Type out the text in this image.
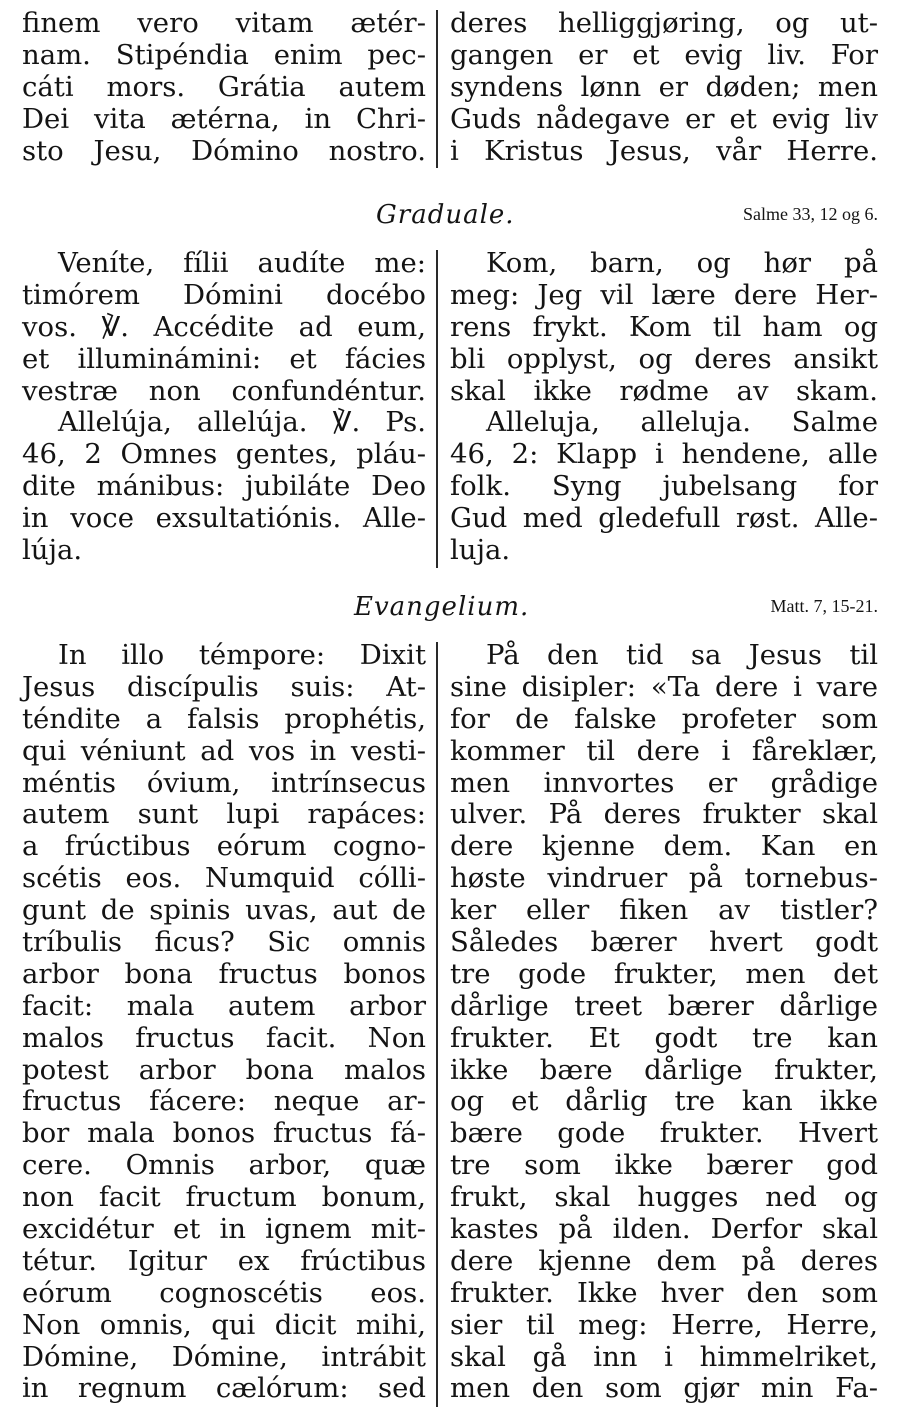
finem vero vitam ætér-
nam. Stipéndia enim pec-
cáti mors. Grátia autem
Dei vita ætérna, in Chri-
sto Jesu, Dómino nostro.
deres helliggjøring, og ut-
gangen er et evig liv. For
syndens lønn er døden; men
Guds nådegave er et evig liv
i Kristus Jesus, vår Herre.
Graduale.	Salme 33, 12 og 6.
Veníte, fílii audíte me:
timórem Dómini docébo
vos. ℣. Accédite ad eum,
et illuminámini: et fácies
vestræ non confundéntur.
Allelúja, allelúja. ℣. Ps.
46, 2 Omnes gentes, pláu-
dite mánibus: jubiláte Deo
in voce exsultatiónis. Alle-
lúja.
Kom, barn, og hør på
meg: Jeg vil lære dere Her-
rens frykt. Kom til ham og
bli opplyst, og deres ansikt
skal ikke rødme av skam.
Alleluja, alleluja. Salme
46, 2: Klapp i hendene, alle
folk. Syng jubelsang for
Gud med gledefull røst. Alle-
luja.
Evangelium.	Matt. 7, 15-21.
In illo témpore: Dixit
Jesus discípulis suis: At-
téndite a falsis prophétis,
qui véniunt ad vos in vesti-
méntis óvium, intrínsecus
autem sunt lupi rapáces:
a frúctibus eórum cogno-
scétis eos. Numquid cólli-
gunt de spinis uvas, aut de
tríbulis ficus? Sic omnis
arbor bona fructus bonos
facit: mala autem arbor
malos fructus facit. Non
potest arbor bona malos
fructus fácere: neque ar-
bor mala bonos fructus fá-
cere. Omnis arbor, quæ
non facit fructum bonum,
excidétur et in ignem mit-
tétur. Igitur ex frúctibus
eórum cognoscétis eos.
Non omnis, qui dicit mihi,
Dómine, Dómine, intrábit
in regnum cælórum: sed
På den tid sa Jesus til
sine disipler: «Ta dere i vare
for de falske profeter som
kommer til dere i fåreklær,
men innvortes er grådige
ulver. På deres frukter skal
dere kjenne dem. Kan en
høste vindruer på tornebus-
ker eller fiken av tistler?
Således bærer hvert godt
tre gode frukter, men det
dårlige treet bærer dårlige
frukter. Et godt tre kan
ikke bære dårlige frukter,
og et dårlig tre kan ikke
bære gode frukter. Hvert
tre som ikke bærer god
frukt, skal hugges ned og
kastes på ilden. Derfor skal
dere kjenne dem på deres
frukter. Ikke hver den som
sier til meg: Herre, Herre,
skal gå inn i himmelriket,
men den som gjør min Fa-
